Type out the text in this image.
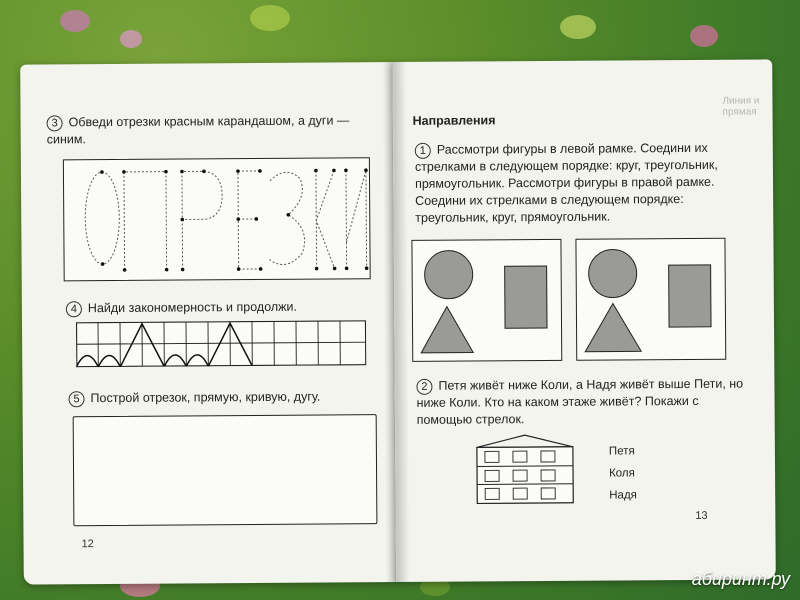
3 Обведи отрезки красным карандашом, а дуги — синим.
4 Найди закономерность и продолжи.
5 Построй отрезок, прямую, кривую, дугу.
12
Линия и прямая
Направления
1 Рассмотри фигуры в левой рамке. Соедини их стрелками в следующем порядке: круг, треугольник, прямоугольник. Рассмотри фигуры в правой рамке. Соедини их стрелками в следующем порядке: треугольник, круг, прямоугольник.
2 Петя живёт ниже Коли, а Надя живёт выше Пети, но ниже Коли. Кто на каком этаже живёт? Покажи с помощью стрелок.
Петя
Коля
Надя
13
абиринт.ру
